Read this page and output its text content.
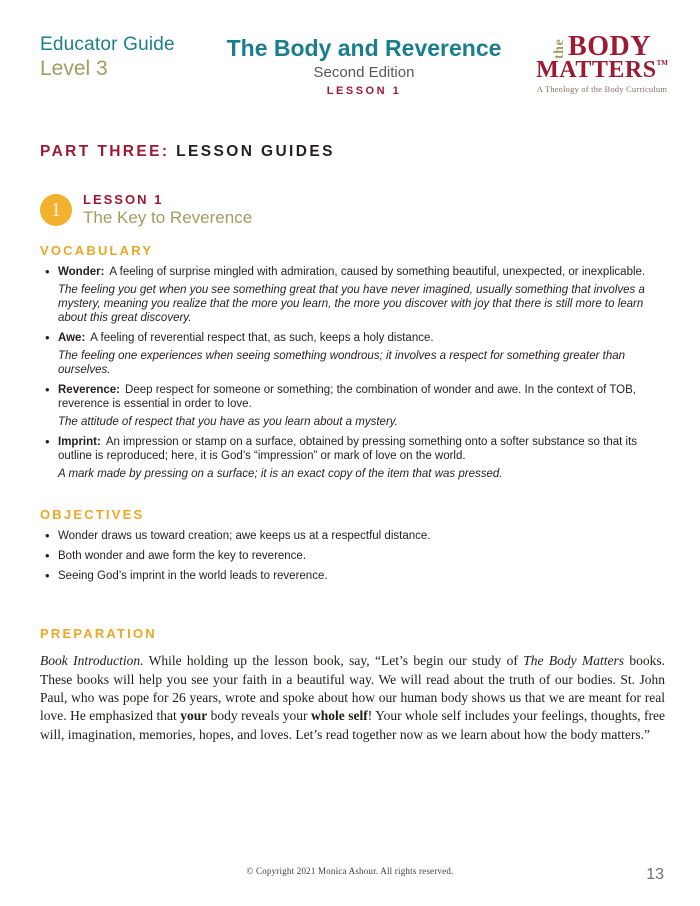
Educator Guide
Level 3
The Body and Reverence
Second Edition
LESSON 1
the BODY
MATTERS™
A Theology of the Body Curriculum
PART THREE: LESSON GUIDES
1	LESSON 1
The Key to Reverence
VOCABULARY
• Wonder: A feeling of surprise mingled with admiration, caused by something beautiful, unexpected, or inexplicable.
The feeling you get when you see something great that you have never imagined, usually something that involves a mystery, meaning you realize that the more you learn, the more you discover with joy that there is still more to learn about this great discovery.
• Awe: A feeling of reverential respect that, as such, keeps a holy distance.
The feeling one experiences when seeing something wondrous; it involves a respect for something greater than ourselves.
• Reverence: Deep respect for someone or something; the combination of wonder and awe. In the context of TOB, reverence is essential in order to love.
The attitude of respect that you have as you learn about a mystery.
• Imprint: An impression or stamp on a surface, obtained by pressing something onto a softer substance so that its outline is reproduced; here, it is God’s “impression” or mark of love on the world.
A mark made by pressing on a surface; it is an exact copy of the item that was pressed.
OBJECTIVES
• Wonder draws us toward creation; awe keeps us at a respectful distance.
• Both wonder and awe form the key to reverence.
• Seeing God’s imprint in the world leads to reverence.
PREPARATION

Book Introduction. While holding up the lesson book, say, “Let’s begin our study of The Body Matters books. These books will help you see your faith in a beautiful way. We will read about the truth of our bodies. St. John Paul, who was pope for 26 years, wrote and spoke about how our human body shows us that we are meant for real love. He emphasized that your body reveals your whole self! Your whole self includes your feelings, thoughts, free will, imagination, memories, hopes, and loves. Let’s read together now as we learn about how the body matters.”

© Copyright 2021 Monica Ashour. All rights reserved.	13
